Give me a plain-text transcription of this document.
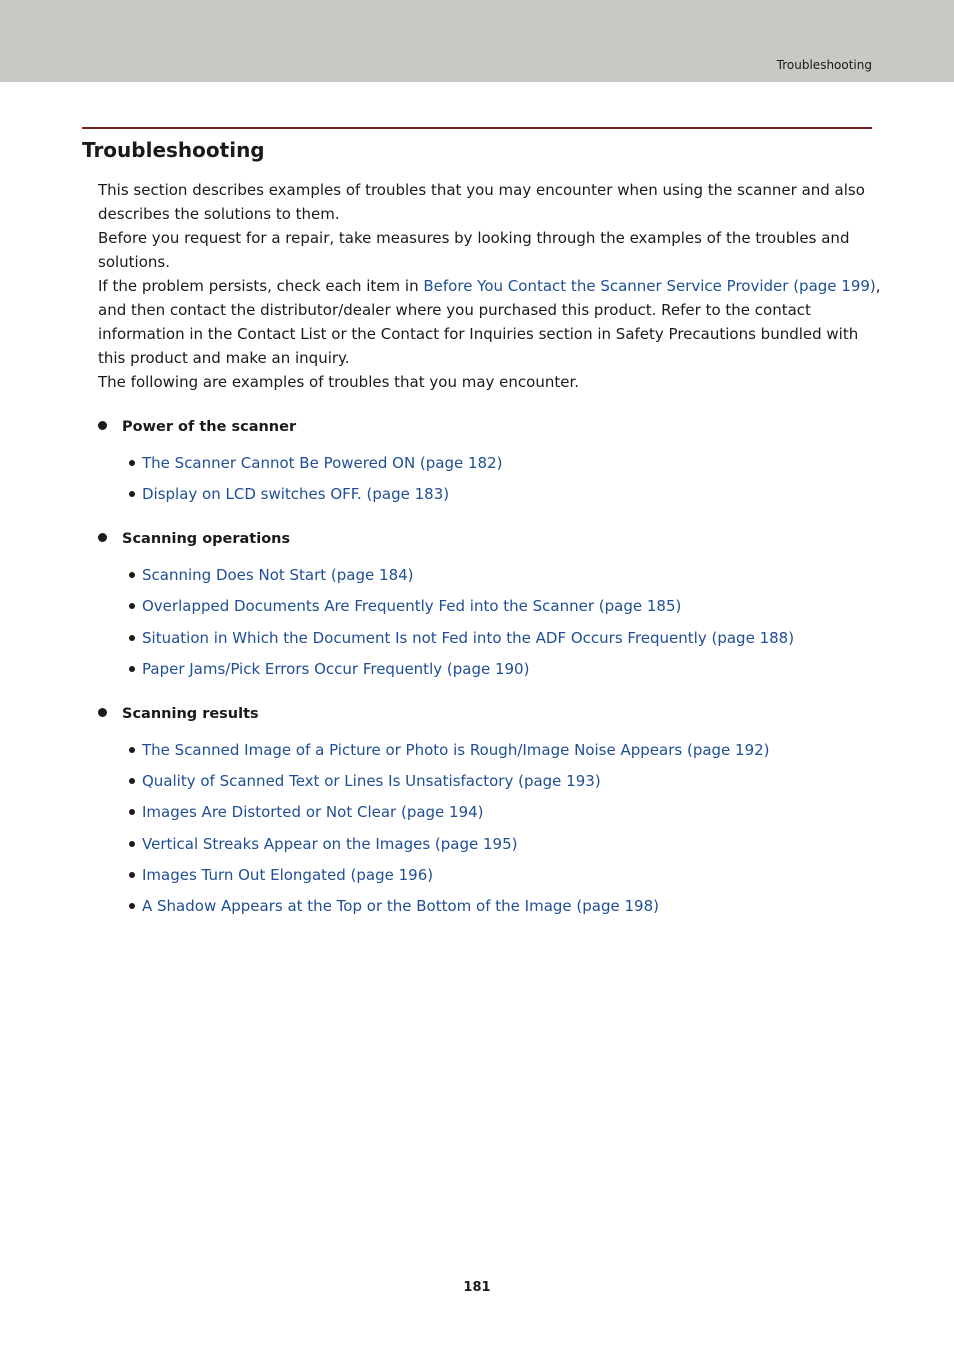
Troubleshooting
Troubleshooting

This section describes examples of troubles that you may encounter when using the scanner and also describes the solutions to them.

Before you request for a repair, take measures by looking through the examples of the troubles and solutions.

If the problem persists, check each item in Before You Contact the Scanner Service Provider (page 199), and then contact the distributor/dealer where you purchased this product. Refer to the contact information in the Contact List or the Contact for Inquiries section in Safety Precautions bundled with this product and make an inquiry.

The following are examples of troubles that you may encounter.

Power of the scanner
The Scanner Cannot Be Powered ON (page 182)
Display on LCD switches OFF. (page 183)
Scanning operations
Scanning Does Not Start (page 184)
Overlapped Documents Are Frequently Fed into the Scanner (page 185)
Situation in Which the Document Is not Fed into the ADF Occurs Frequently (page 188)
Paper Jams/Pick Errors Occur Frequently (page 190)
Scanning results
The Scanned Image of a Picture or Photo is Rough/Image Noise Appears (page 192)
Quality of Scanned Text or Lines Is Unsatisfactory (page 193)
Images Are Distorted or Not Clear (page 194)
Vertical Streaks Appear on the Images (page 195)
Images Turn Out Elongated (page 196)
A Shadow Appears at the Top or the Bottom of the Image (page 198)
181
